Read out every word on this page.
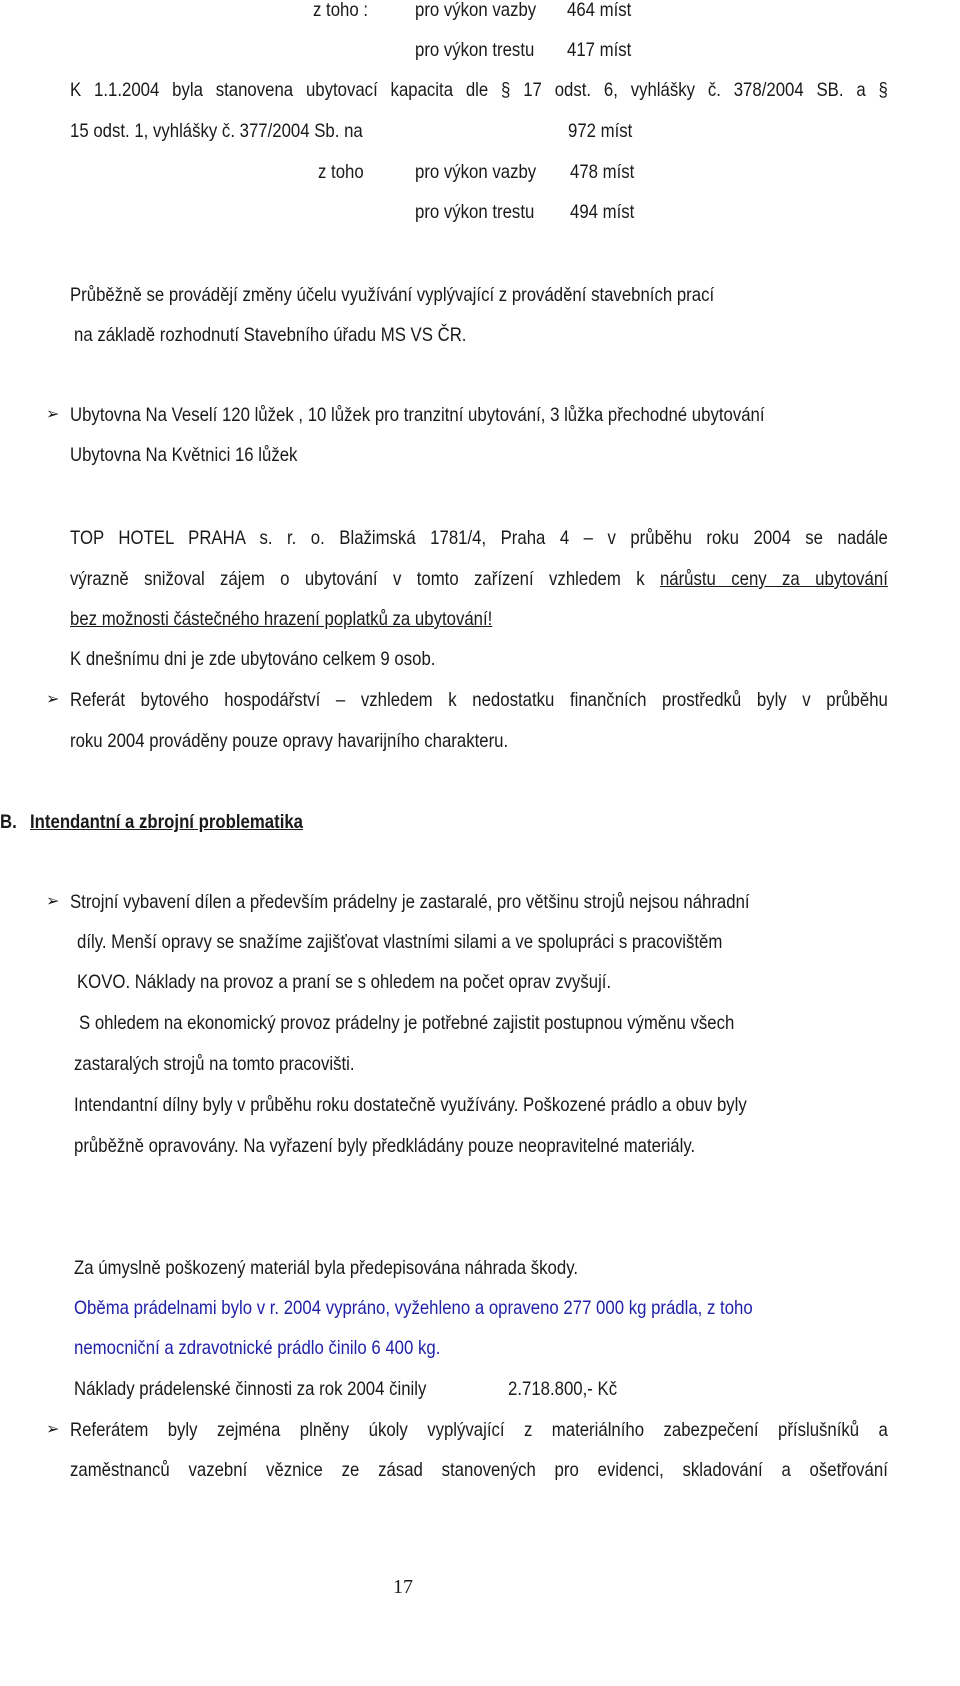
z toho : pro výkon vazby 464 míst
pro výkon trestu 417 míst
K 1.1.2004 byla stanovena ubytovací kapacita dle § 17 odst. 6, vyhlášky č. 378/2004 SB. a §
15 odst. 1, vyhlášky č. 377/2004 Sb. na	972 míst
z toho	pro výkon vazby 478 míst
pro výkon trestu 494 míst
Průběžně se provádějí změny účelu využívání vyplývající z provádění stavebních prací
na základě rozhodnutí Stavebního úřadu MS VS ČR.
➢ Ubytovna Na Veselí 120 lůžek , 10 lůžek pro tranzitní ubytování, 3 lůžka přechodné ubytování
Ubytovna Na Květnici 16 lůžek
TOP HOTEL PRAHA s. r. o. Blažimská 1781/4, Praha 4 – v průběhu roku 2004 se nadále
výrazně snižoval zájem o ubytování v tomto zařízení vzhledem k nárůstu ceny za ubytování
bez možnosti částečného hrazení poplatků za ubytování!
K dnešnímu dni je zde ubytováno celkem 9 osob.
➢ Referát bytového hospodářství – vzhledem k nedostatku finančních prostředků byly v průběhu
roku 2004 prováděny pouze opravy havarijního charakteru.
B. Intendantní a zbrojní problematika
➢ Strojní vybavení dílen a především prádelny je zastaralé, pro většinu strojů nejsou náhradní
díly. Menší opravy se snažíme zajišťovat vlastními silami a ve spolupráci s pracovištěm
KOVO. Náklady na provoz a praní se s ohledem na počet oprav zvyšují.
S ohledem na ekonomický provoz prádelny je potřebné zajistit postupnou výměnu všech
zastaralých strojů na tomto pracovišti.
Intendantní dílny byly v průběhu roku dostatečně využívány. Poškozené prádlo a obuv byly
průběžně opravovány. Na vyřazení byly předkládány pouze neopravitelné materiály.
Za úmyslně poškozený materiál byla předepisována náhrada škody.
Oběma prádelnami bylo v r. 2004 vypráno, vyžehleno a opraveno 277 000 kg prádla, z toho
nemocniční a zdravotnické prádlo činilo 6 400 kg.
Náklady prádelenské činnosti za rok 2004 činily	2.718.800,- Kč
➢ Referátem byly zejména plněny úkoly vyplývající z materiálního zabezpečení příslušníků a
zaměstnanců vazební věznice ze zásad stanovených pro evidenci, skladování a ošetřování
17
